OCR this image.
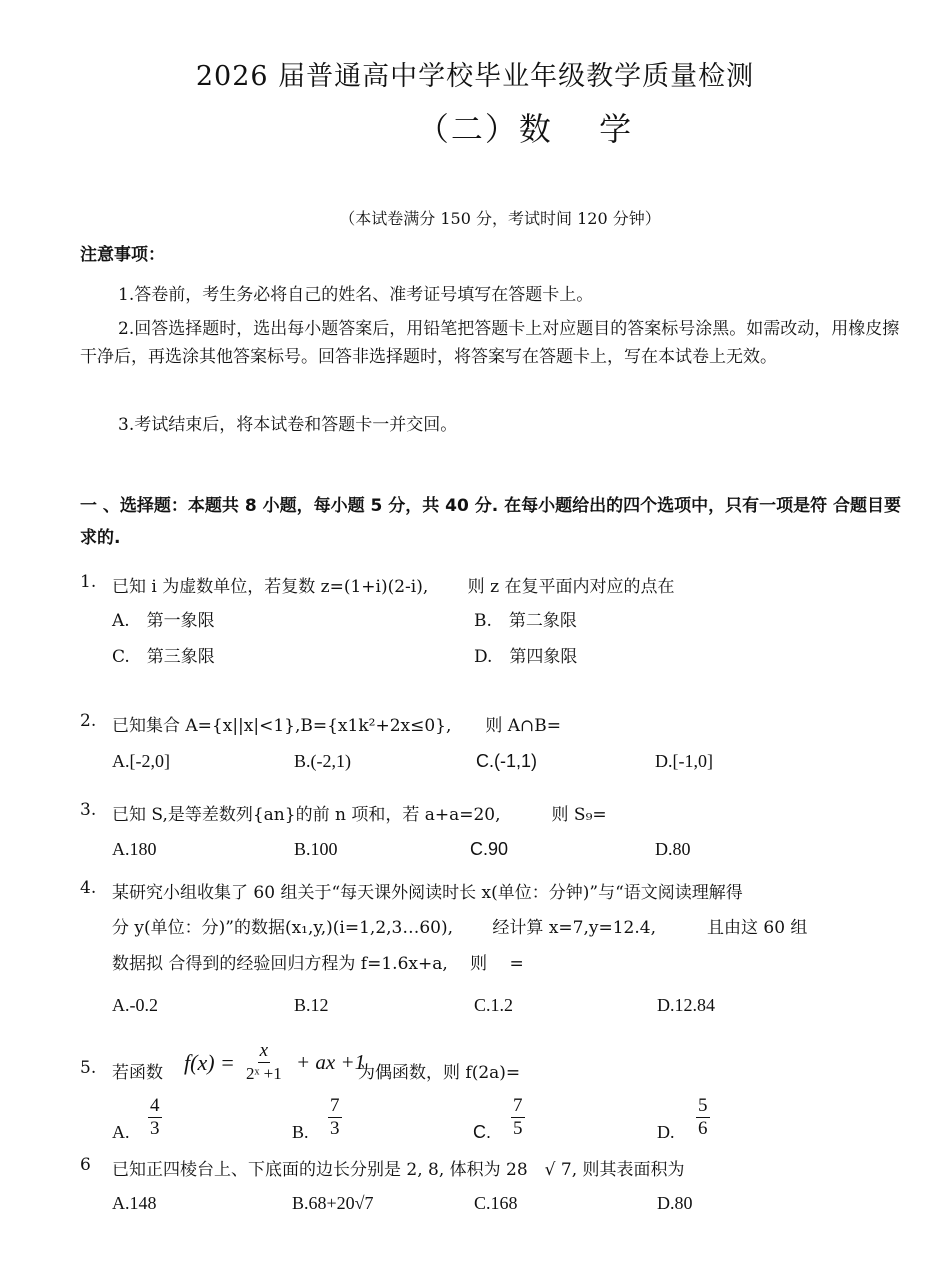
2026 届普通高中学校毕业年级教学质量检测
（二）数　 学
（本试卷满分 150 分，考试时间 120 分钟）
注意事项：
1.答卷前，考生务必将自己的姓名、准考证号填写在答题卡上。
2.回答选择题时，选出每小题答案后，用铅笔把答题卡上对应题目的答案标号涂黑。如需改动，用橡皮擦干净后，再选涂其他答案标号。回答非选择题时，将答案写在答题卡上，写在本试卷上无效。
3.考试结束后，将本试卷和答题卡一并交回。
一 、选择题：本题共 8 小题，每小题 5 分，共 40 分. 在每小题给出的四个选项中，只有一项是符 合题目要求的.
1. 已知 i 为虚数单位，若复数 z=(1+i)(2-i),　　 则 z 在复平面内对应的点在
A.　第一象限	B.　第二象限
C.　第三象限	D.　第四象限
2. 已知集合 A={x||x|<1},B={x1k²+2x≤0},　　则 A∩B=
A.[-2,0]	B.(-2,1)	C.(-1,1)	D.[-1,0]
3. 已知 S,是等差数列{an}的前 n 项和，若 a+a=20,　　　则 S₉=
A.180	B.100	C.90	D.80
4. 某研究小组收集了 60 组关于“每天课外阅读时长 x(单位：分钟)”与“语文阅读理解得
分 y(单位：分)”的数据(x₁,y,)(i=1,2,3…60),　　 经计算 x=7,y=12.4,　　　且由这 60 组
数据拟 合得到的经验回归方程为 f=1.6x+a,　 则　 =
A.-0.2	B.12	C.1.2	D.12.84
5. 若函数 $f(x) = \frac{x}{\text{2ˣ +1}}$ + ax +1
为偶函数，则 f(2a)=
A. $\frac{4}{3}$	B. $\frac{7}{3}$	C. $\frac{7}{5}$	D. $\frac{5}{6}$
6 已知正四棱台上、下底面的边长分别是 2, 8, 体积为 28　√ 7, 则其表面积为
A.148	B.68+20√7	C.168	D.80
